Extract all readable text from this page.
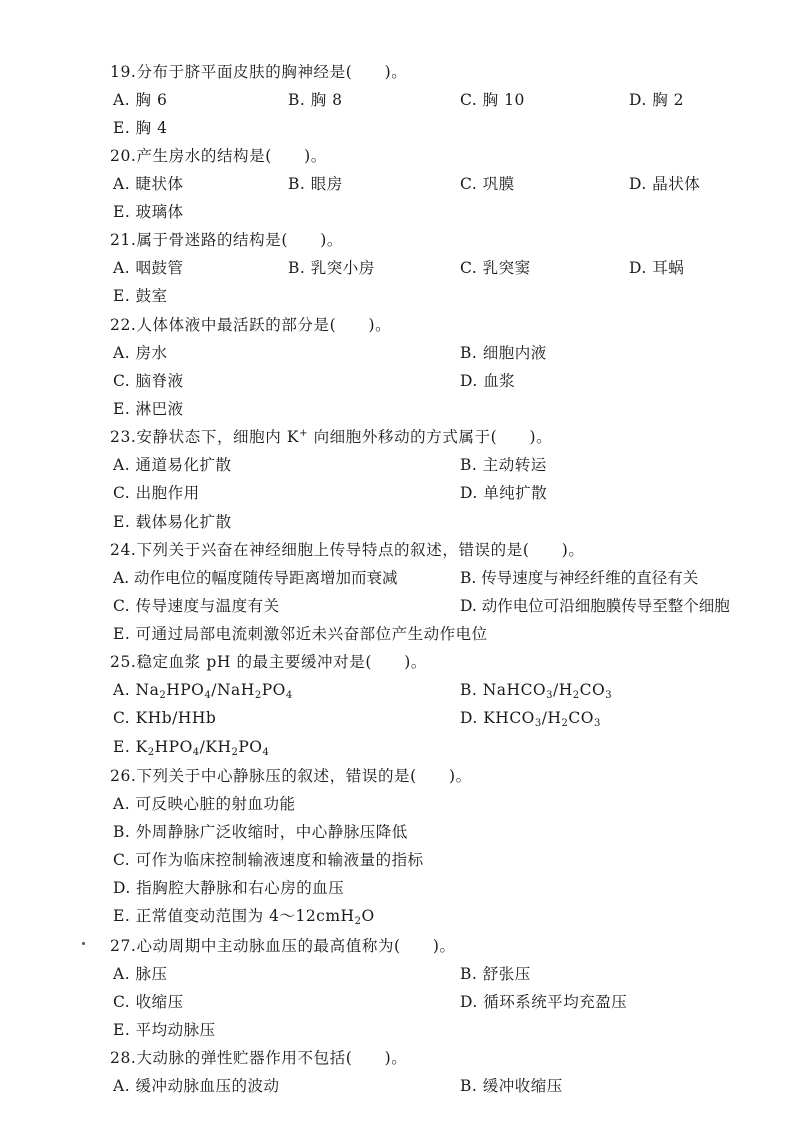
19.分布于脐平面皮肤的胸神经是(　　)。
A. 胸 6	B. 胸 8	C. 胸 10	D. 胸 2
E. 胸 4
20.产生房水的结构是(　　)。
A. 睫状体	B. 眼房	C. 巩膜	D. 晶状体
E. 玻璃体
21.属于骨迷路的结构是(　　)。
A. 咽鼓管	B. 乳突小房	C. 乳突窦	D. 耳蜗
E. 鼓室
22.人体体液中最活跃的部分是(　　)。
A. 房水	B. 细胞内液
C. 脑脊液	D. 血浆
E. 淋巴液
23.安静状态下，细胞内 K+ 向细胞外移动的方式属于(　　)。
A. 通道易化扩散	B. 主动转运
C. 出胞作用	D. 单纯扩散
E. 载体易化扩散
24.下列关于兴奋在神经细胞上传导特点的叙述，错误的是(　　)。
A. 动作电位的幅度随传导距离增加而衰减	B. 传导速度与神经纤维的直径有关
C. 传导速度与温度有关	D. 动作电位可沿细胞膜传导至整个细胞
E. 可通过局部电流刺激邻近未兴奋部位产生动作电位
25.稳定血浆 pH 的最主要缓冲对是(　　)。
A. $Na_2HPO_4/NaH_2PO_4$	B. $NaHCO_3/H_2CO_3$
C. KHb/HHb	D. $KHCO_3/H_2CO_3$
E. $K_2HPO_4/KH_2PO_4$
26.下列关于中心静脉压的叙述，错误的是(　　)。
A. 可反映心脏的射血功能
B. 外周静脉广泛收缩时，中心静脉压降低
C. 可作为临床控制输液速度和输液量的指标
D. 指胸腔大静脉和右心房的血压
E. 正常值变动范围为 4～12cmH$_2$O
27.心动周期中主动脉血压的最高值称为(　　)。
A. 脉压	B. 舒张压
C. 收缩压	D. 循环系统平均充盈压
E. 平均动脉压
28.大动脉的弹性贮器作用不包括(　　)。
A. 缓冲动脉血压的波动	B. 缓冲收缩压
